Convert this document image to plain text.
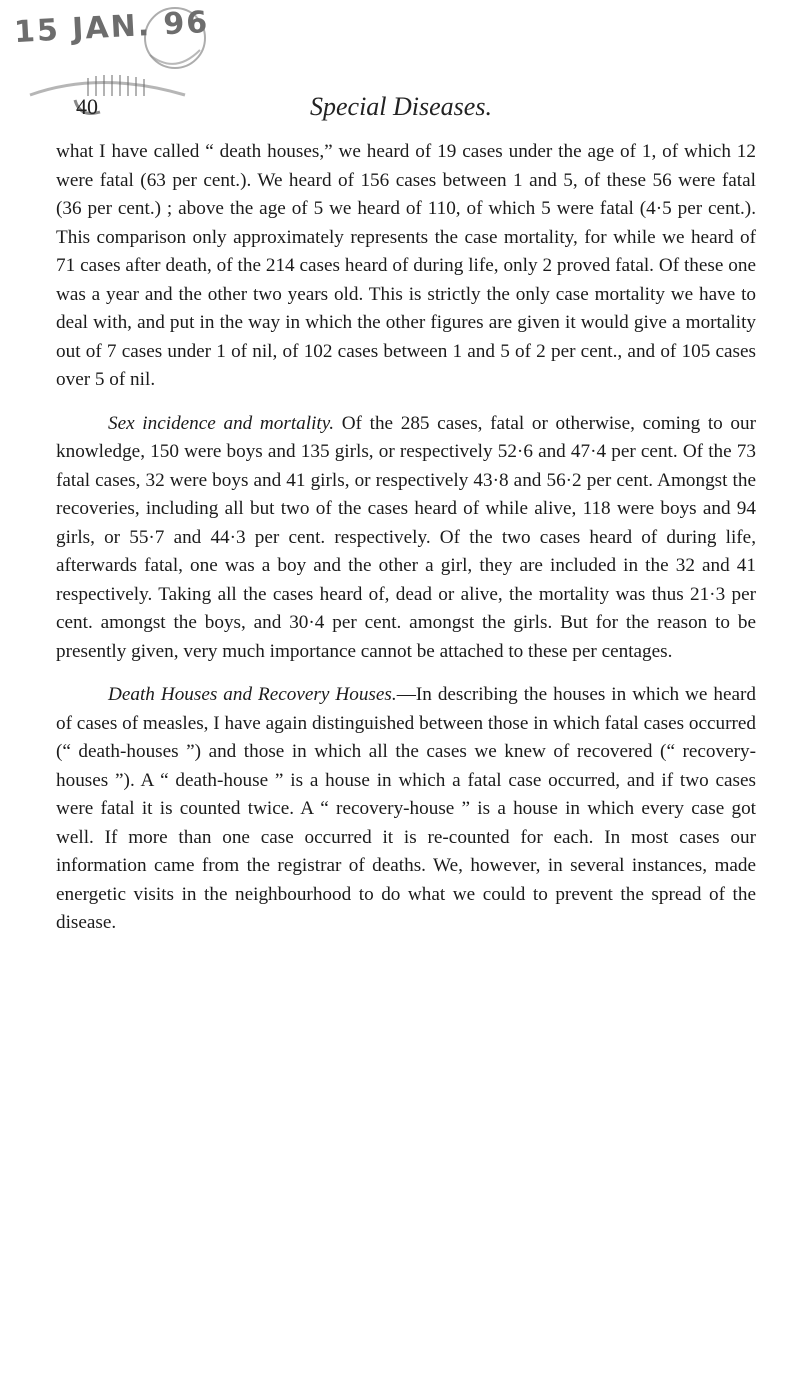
15 JAN. 96
40	Special Diseases.

what I have called “ death houses,” we heard of 19 cases under the age of 1, of which 12 were fatal (63 per cent.). We heard of 156 cases between 1 and 5, of these 56 were fatal (36 per cent.) ; above the age of 5 we heard of 110, of which 5 were fatal (4·5 per cent.). This comparison only approximately represents the case mortality, for while we heard of 71 cases after death, of the 214 cases heard of during life, only 2 proved fatal. Of these one was a year and the other two years old. This is strictly the only case mortality we have to deal with, and put in the way in which the other figures are given it would give a mortality out of 7 cases under 1 of nil, of 102 cases between 1 and 5 of 2 per cent., and of 105 cases over 5 of nil.

Sex incidence and mortality. Of the 285 cases, fatal or otherwise, coming to our knowledge, 150 were boys and 135 girls, or respectively 52·6 and 47·4 per cent. Of the 73 fatal cases, 32 were boys and 41 girls, or respectively 43·8 and 56·2 per cent. Amongst the recoveries, including all but two of the cases heard of while alive, 118 were boys and 94 girls, or 55·7 and 44·3 per cent. respectively. Of the two cases heard of during life, afterwards fatal, one was a boy and the other a girl, they are included in the 32 and 41 respectively. Taking all the cases heard of, dead or alive, the mortality was thus 21·3 per cent. amongst the boys, and 30·4 per cent. amongst the girls. But for the reason to be presently given, very much importance cannot be attached to these per centages.

Death Houses and Recovery Houses.—In describing the houses in which we heard of cases of measles, I have again distinguished between those in which fatal cases occurred (“ death-houses ”) and those in which all the cases we knew of recovered (“ recovery-houses ”). A “ death-house ” is a house in which a fatal case occurred, and if two cases were fatal it is counted twice. A “ recovery-house ” is a house in which every case got well. If more than one case occurred it is re-counted for each. In most cases our information came from the registrar of deaths. We, however, in several instances, made energetic visits in the neighbourhood to do what we could to prevent the spread of the disease.
